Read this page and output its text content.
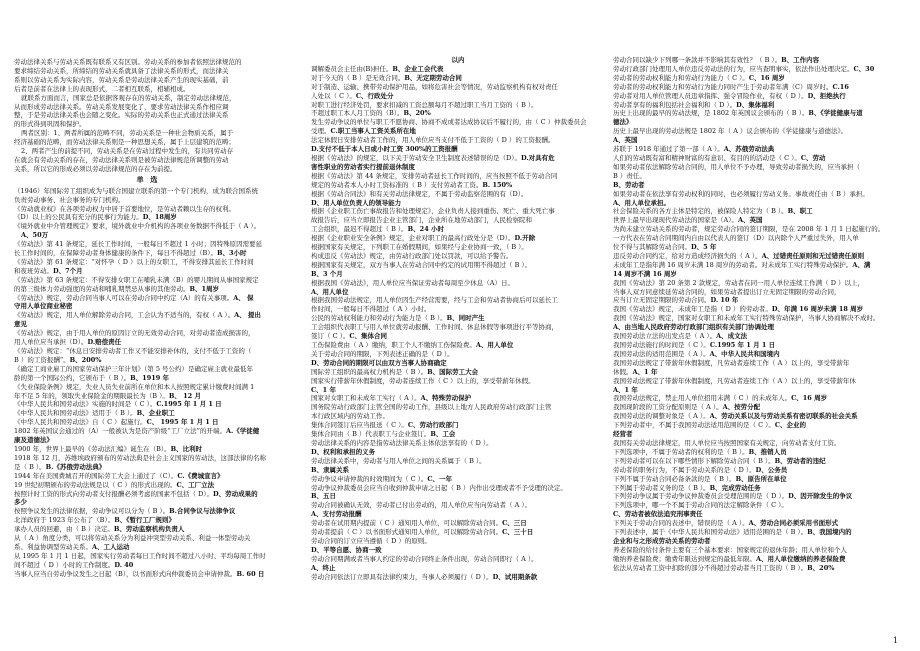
劳动法律关系与劳动关系既有联系又有区别。劳动关系的参加者依照法律规范的
要求缔结劳动关系，所缔结的劳动关系就具备了法律关系的形式，而法律关
系则以劳动关系为实际内容，劳动关系是劳动法律关系产生的现实基础，前
后者是前者在法律上的表现形式，二者相互联系，相辅相成。
就联系方面而言，国家总是依据客观存在的劳动关系，制定劳动法律规范，
从而形成劳动法律关系。劳动关系发展变化了，要求劳动法律关系作相应调
整，于是劳动法律关系也会随之变化。实际的劳动关系也正式通过法律关系
的形式得到巩固和保护。
两者区别：1、两者所属的范畴不同，劳动关系是一种社会物质关系，属于
经济基础的范畴，而劳动法律关系则是一种思想关系，属于上层建筑的范畴；
2、两者产生的前提不同，劳动关系是在劳动过程中发生的，有共同劳动存
在就会有劳动关系的存在，劳动法律关系则是被劳动法律规范所调整的劳动
关系，所以它的形成必须以劳动法律规范的存在为前提。
单 选
（1946）年国际劳工组织成为与联合国建立联系的第一个专门机构，成为联合国系统
负责劳动事务、社会事务的专门机构。
《劳动就业权》在各项劳动权力中居于首要地位，是劳动者赖以生存的权利。
《D）以上的公民具有充分的民事行为能力。D、18周岁
《境外就业中介管理规定》要求，境外就业中介机构的各项业务数据不得低于（ A ）。
A、50万
《劳动法》第 41 条规定，延长工作时间，一般每日不超过 1 小时；因特殊原因需要延
长工作时间的，在保障劳动者身体健康的条件下，每日不得超过（B）。B、3小时
《劳动法》第 61 条规定：“对怀孕（ D ）以上的女职工，不得安排其延长工作时间
和夜班劳动。D、7个月
《劳动法》第 63 条规定：不得安排女职工在哺乳未满（B）的婴儿期间从事国家规定
的第三级体力劳动强度的劳动和哺乳期禁忌从事的其他劳动。B、1周岁
《劳动法》规定，劳动合同当事人可以在劳动合同中约定（A）的有关事项。A、 保
守用人单位商业秘密
《劳动法》规定，用人单位解除劳动合同，工会认为不适当的，有权（ A ）。A、 提出
意见
《劳动法》规定，由于用人单位的原因订立的无效劳动合同，对劳动者造成损害的，
用人单位应当承担（D）。D.赔偿责任
《劳动法》规定：“休息日安排劳动者工作又不能安排补休的，支付不低于工资的（
B ）的工资报酬”。B、200%
《确定工商业雇工的国家劳动保护三年计划》（第 5 号公约）是确定雇主就业最低年
龄的第一个国际公约，它颁布于（ B ）。B、1919 年
《失业保险条例》规定，失业人员失业前所在单位和本人按照规定累计缴费时间满 1
年不足 5 年的，领取失业保险金的期限最长为（B ）。B、 12 月
《中华人民共和国劳动法》实施的时间是（ C ）。C.1995 年 1 月 1 日
《中华人民共和国劳动法》适用于（ B ）。B、企业职工
《中华人民共和国劳动法》自（ C ）起施行。C、 1995 年 1 月 1 日
1802 年英国议会通过的（A）一般被认为是资产阶级“工厂立法”的开端。A.《学徒健
康及道德法》
1900 年，世界上最早的《劳动法汇编》诞生在（B）。B、比利时
1918 年 12 月，苏维埃政府颁布的劳动法典是社会主义国家的劳动法，这部法律的名称
是（ B ）。B.《苏俄劳动法典》
1944 年在美国费城召开的国际劳工大会上通过了（C）。C.《费城宣言》
19 世纪初期颁布的劳动法规是以（ C ）的形式出现的。C、工厂立法
按照计时工资的形式向劳动者支付报酬必须考虑的国素不包括（ D）。D、劳动成果的
多少
按照争议发生的法律依据，劳动争议可以分为（ B ）。B.合同争议与法律争议
北洋政府于 1923 年公布了（B）。B、《暂行工厂规则》
承办人员的回避，由（ B ）决定。B、劳动监察机构负责人
从（ A ）角度分类，可以将劳动关系分为利益冲突型劳动关系、利益一体型劳动关
系、利益协调型劳动关系。A、工人运动
从 1995 年 1 月 1 日起，国家实行劳动者每日工作时间不超过八小时、平均每周工作时
间不超过（ D ）小时的工作制度。D. 40
当事人应当自劳动争议发生之日起（B），以书面形式向仲裁委员会申请仲裁。B. 60 日
以内
调解委员会主任由(B)担任。B、企业工会代表
对于今天的（ B ）是无效合同。B、无定期劳动合同
对于制造、运输、携带劳动保护用品，如将危害社会等情况，劳动监察机构有权对责任
人处以（ C ）。C、行政处分
对职工进行经济处罚，要求扣减的工资总额每月不超过职工当月工资的（ B ）。
不超过职工本人月工资的（B）。B、20%
发生劳动争议的单位与职工不愿协商、协商不成或者达成协议后不履行的，由（ C ）仲裁委员会
受理。C.职工当事人工资关系所在地
法定休假日安排劳动者工作的，用人单位应当支付不低于工资的（ D ）的工资报酬。
D.支付不低于本人日或小时工资 300%的工资报酬
根据《劳动法》的规定，以下关于劳动安全卫生制度表述错误的是（D）。D.对具有危
害性职业的劳动者实行提前退休制度
根据《劳动法》第 44 条规定，安排劳动者延长工作时间的，应当按照不低于劳动合同
规定的劳动者本人小时工资标准的（ B ）支付劳动者工资。B. 150%
根据《劳动合同法》和有关劳动法律规定，不属于劳动监察范围的有（D）。
D、用人单位负责人的领导能力
根据《企业职工伤亡事故报告和处理规定》，企业负责人接到重伤、死亡、重大死亡事
故报告后，应当立即报告企业主管部门，企业所在地劳动部门，人民检察院和
工会组织，最迟不得超过（ B ）。B、24 小时
根据《企业职业安全条例》规定，企业对职工的最高行政处分是（D）。D.开除
根据国家有关规定，下列职工在婚假期间，如果经与企业协商一致，（ B ）。
构成违反《劳动法》规定，由劳动行政部门处以罚款，可以给予警告。
根据国家有关规定，双方当事人在劳动合同中约定的试用期不得超过（ B ）。
B、3 个月
根据我国《劳动法》，用人单位应当保证劳动者每周至少休息（A）日。
A、用人单位
根据我国劳动法规定，用人单位因生产经营需要，经与工会和劳动者协商后可以延长工
作时间，一般每日不得超过（ A ）小时。
公民的劳动权利能力和劳动行为能力是（ B ）。B、同时产生
工会组织代表职工与用人单位就劳动报酬、工作时间、休息休假等事项进行平等协商，
签订（ C ）。C、集体合同
工伤保险费由（ A ）缴纳，职工个人不缴纳工伤保险费。A、用人单位
关于劳动合同的期限，下列表述正确的是（ D ）。
D、劳动合同的期限可以由双方当事人协商确定
国际劳工组织的最高权力机构是（ B ）。B、国际劳工大会
国家实行带薪年休假制度，劳动者连续工作（ C ）以上的，享受带薪年休假。
C、1 年
国家对女职工和未成年工实行（ A ）。A、特殊劳动保护
国务院劳动行政部门主管全国的劳动工作，县级以上地方人民政府劳动行政部门主管
本行政区域内的劳动工作。
集体合同签订后应当报送（ C ）。C、劳动行政部门
集体合同由（ B ）代表职工与企业签订。B、工会
劳动法律关系的内容是指劳动法律关系主体依法享有的（ D ）。
D、权利和承担的义务
劳动法律关系中，劳动者与用人单位之间的关系属于（ B ）。
B、隶属关系
劳动争议申请仲裁的时效期间为（ C ）。C、一年
劳动争议仲裁委员会应当自收到仲裁申请之日起（ B ）内作出受理或者不予受理的决定。
B、五日
劳动合同被确认无效，劳动者已付出劳动的，用人单位应当向劳动者（ A ）。
A、支付劳动报酬
劳动者在试用期内提前（ C ）通知用人单位，可以解除劳动合同。C、三日
劳动者提前（ C ）以书面形式通知用人单位，可以解除劳动合同。C、三十日
劳动合同的订立应当遵循（ D ）的原则。
D、平等自愿、协商一致
劳动合同期满或者当事人约定的劳动合同终止条件出现，劳动合同即行（ A ）。
A、终止
劳动合同依法订立即具有法律约束力，当事人必须履行（ D ）。D、试用期条款
劳动合同以缺少下列哪一条款并不影响其有效性？（ B ）。B、工作内容
劳动行政部门处理用人单位违反劳动法的行为，应当查明事实，依法作出处理决定。C、30
劳动者的劳动权利能力和劳动行为能力（ C ）。C、16 周岁
劳动者的劳动权利能力和劳动行为能力同时产生于劳动者年满（C）周岁时。C.16
劳动者对用人单位管理人员违章指挥、强令冒险作业，有权（ D ）。D、拒绝执行
劳动者享有的福利包括社会福利和（ D ）。D、集体福利
历史上出现的最早的劳动法规，是 1802 年英国议会颁布的（ B ）。B、《学徒健康与道
德法》
历史上最早出现的劳动法规是 1802 年（ A ）议会颁布的《学徒健康与道德法》。
A、英国
苏联于 1918 年通过了第一部（ A ）。A、苏俄劳动法典
人们的劳动既有富和精神财富的有意识、有目的的活动是（ C ）。C、劳动
如果劳动者依法解除劳动合同的，用人单位不予办理，导致劳动者损失的，应当承担（
B ）责任。
B、劳动者
如果劳动者在依法享有劳动权利的同时，也必须履行劳动义务。事故责任由（ B ）承担。
A、用人单位承担。
社会保险关系的各方主体是特定的，被保险人特定为（ B ）。B、职工
世界上最早出现现代劳动法的国家是（A）。A、英国
为尚未建立劳动关系的劳动者，规定劳动合同的签订期限，是在 2008 年 1 月 1 日起施行的。
一方代表在劳动合同期间内自由以代表人的签订（D）以内除个人严重过失外，用人单
位不得与其解除劳动合同。D、5 年
违反劳动合同约定，给对方造成经济损失的（ A ）。A、过错责任原则和无过错责任原则
未成年工是指年满 16 周岁未满 18 周岁的劳动者。对未成年工实行特殊劳动保护。A、满
14 周岁不满 16 周岁
我国《劳动法》第 20 条第 2 款规定，劳动者在同一用人单位连续工作满（ D ）以上，
当事人双方同意续延劳动合同的，如果劳动者提出订立无固定期限的劳动合同，
应当订立无固定期限的劳动合同。D. 10 年
我国《劳动法》规定，未成年工是指（ D ）的劳动者。D、年满 16 周岁未满 18 周岁
我国《劳动法》规定，国家对女职工和未成年工实行特殊劳动保护，当事人协商解决不成时。
A、由当地人民政府劳动行政部门组织有关部门协调处理
我国劳动法立法的出发点是（ A ）。A、成文法
我国劳动法施行的时间是（ C ）。C.1995 年 1 月 1 日
我国劳动法的适用范围是（ A ）。A、中华人民共和国境内
我国劳动法规定了带薪年休假制度，凡劳动者连续工作（ A ）以上的，享受带薪年
休假。A、1 年
我国劳动法规定了带薪年休假制度，凡劳动者连续工作（ A ）以上的，享受带薪年休
A、1 年
我国劳动法规定，禁止用人单位招用未满（ C ）的未成年人。C、16 周岁
我国现阶段的工资分配原则是（ A ）。A、按劳分配
我国劳动法的调整对象是（ A ）。A、劳动关系以及与劳动关系有密切联系的社会关系
下列劳动者中，不属于我国劳动法适用范围的是（ C ）。C、企业的
经营者
我国有关劳动法律规定，用人单位应当按照国家有关规定，向劳动者支付工资。
下列选项中，不属于劳动者的权利的是（ B ）。B、推销人员
下列劳动者可以在以下哪些情形下解除劳动合同（ B ）。B、劳动者的违纪
劳动者的职务行为，不属于劳动关系的是（ D ）。D、公务员
下列不属于劳动合同必备条款的是（ B ）。B、原告所在单位
下列属于劳动者义务的是（ B ）。B、完成劳动任务
下列劳动争议属于劳动争议仲裁委员会受理范围的是（ D ）。D、因开除发生的争议
下列选项中，哪一个不属于劳动合同的法定解除条件（ C ）。
C、劳动者被依法追究刑事责任
下列关于劳动合同的表述中，错误的是（ A ）。A、劳动合同必须采用书面形式
下列表述中，属于《中华人民共和国劳动法》适用范围的是（ B ）。B、我国境内的
企业和与之形成劳动关系的劳动者
养老保险的给付条件主要有三个基本要求：国家规定的退休年龄；用人单位和个人
缴纳养老保险费；缴费年限达到规定的最低年限。A、用人单位缴纳的养老保险费
依法从劳动者工资中扣除的部分不得超过劳动者当月工资的（ B ）。B、20%
1
